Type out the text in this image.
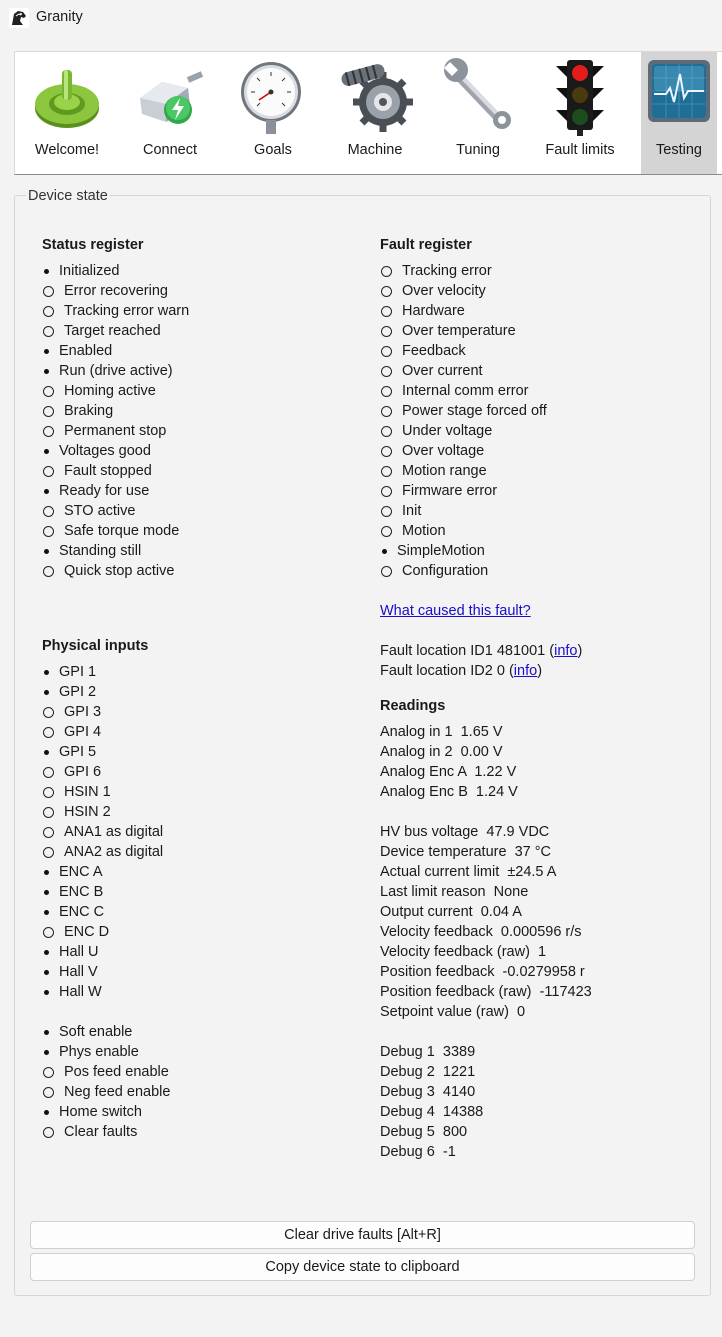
Granity
Welcome!	Connect	Goals	Machine	Tuning	Fault limits	Testing
Device state
Status register
Initialized
Error recovering
Tracking error warn
Target reached
Enabled
Run (drive active)
Homing active
Braking
Permanent stop
Voltages good
Fault stopped
Ready for use
STO active
Safe torque mode
Standing still
Quick stop active
Physical inputs
GPI 1
GPI 2
GPI 3
GPI 4
GPI 5
GPI 6
HSIN 1
HSIN 2
ANA1 as digital
ANA2 as digital
ENC A
ENC B
ENC C
ENC D
Hall U
Hall V
Hall W
Soft enable
Phys enable
Pos feed enable
Neg feed enable
Home switch
Clear faults
Fault register
Tracking error
Over velocity
Hardware
Over temperature
Feedback
Over current
Internal comm error
Power stage forced off
Under voltage
Over voltage
Motion range
Firmware error
Init
Motion
SimpleMotion
Configuration
What caused this fault?
Fault location ID1 481001 (info)
Fault location ID2 0 (info)
Readings
Analog in 1  1.65 V
Analog in 2  0.00 V
Analog Enc A  1.22 V
Analog Enc B  1.24 V
HV bus voltage  47.9 VDC
Device temperature  37 °C
Actual current limit  ±24.5 A
Last limit reason  None
Output current  0.04 A
Velocity feedback  0.000596 r/s
Velocity feedback (raw)  1
Position feedback  -0.0279958 r
Position feedback (raw)  -117423
Setpoint value (raw)  0
Debug 1  3389
Debug 2  1221
Debug 3  4140
Debug 4  14388
Debug 5  800
Debug 6  -1
Clear drive faults [Alt+R]
Copy device state to clipboard
